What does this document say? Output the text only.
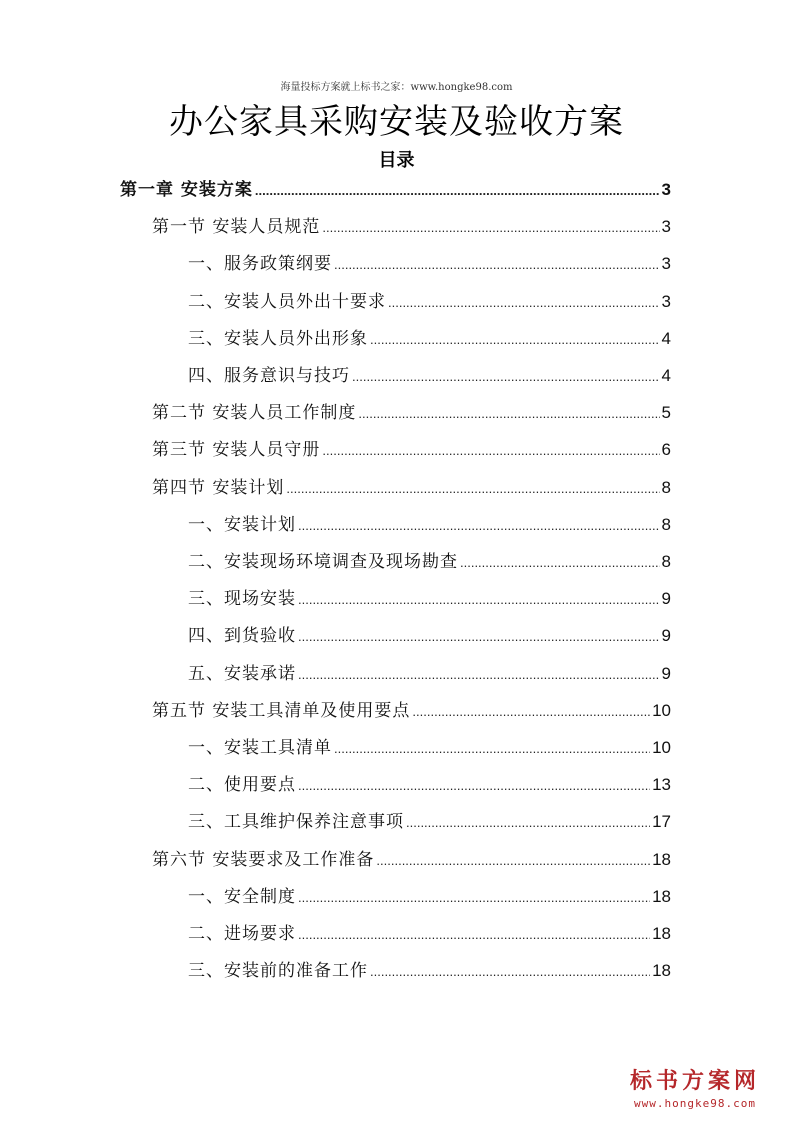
海量投标方案就上标书之家：www.hongke98.com
办公家具采购安装及验收方案
目录
第一章 安装方案 .....	3
第一节 安装人员规范 .....	3
一、服务政策纲要 .....	3
二、安装人员外出十要求 .....	3
三、安装人员外出形象 .....	4
四、服务意识与技巧 .....	4
第二节 安装人员工作制度 .....	5
第三节 安装人员守册 .....	6
第四节 安装计划 .....	8
一、安装计划 .....	8
二、安装现场环境调查及现场勘查 .....	8
三、现场安装 .....	9
四、到货验收 .....	9
五、安装承诺 .....	9
第五节 安装工具清单及使用要点 .....	10
一、安装工具清单 .....	10
二、使用要点 .....	13
三、工具维护保养注意事项 .....	17
第六节 安装要求及工作准备 .....	18
一、安全制度 .....	18
二、进场要求 .....	18
三、安装前的准备工作 .....	18
标书方案网
www.hongke98.com
